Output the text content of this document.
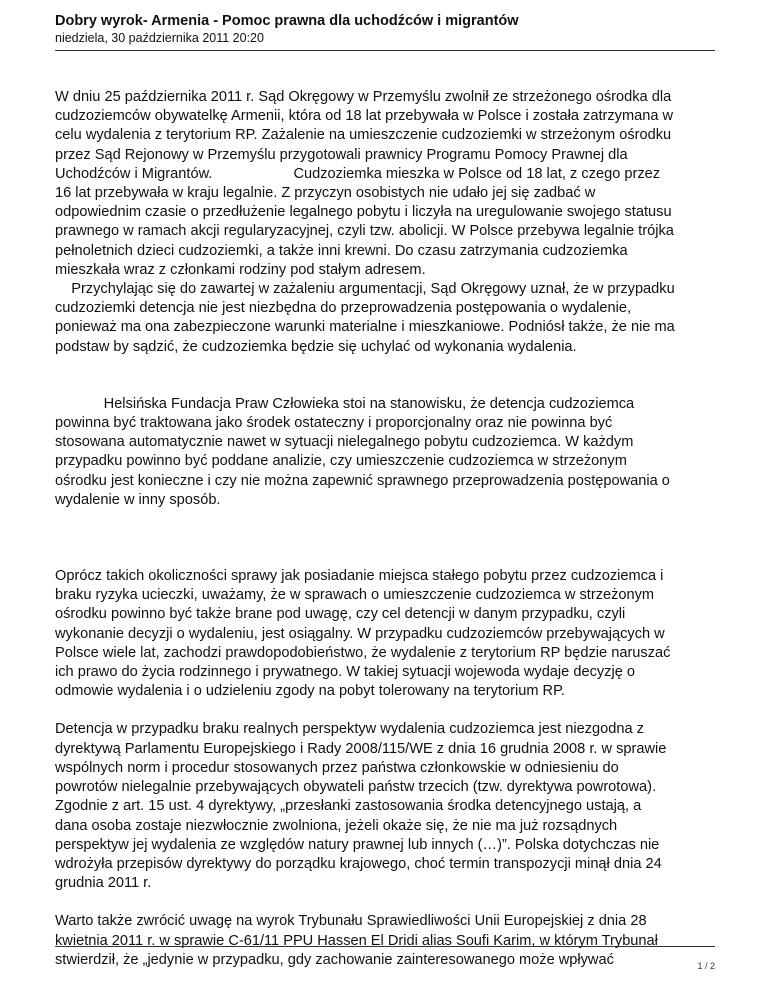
Dobry wyrok- Armenia - Pomoc prawna dla uchodźców i migrantów

niedziela, 30 października 2011 20:20

W dniu 25 października 2011 r. Sąd Okręgowy w Przemyślu zwolnił ze strzeżonego ośrodka dla
cudzoziemców obywatelkę Armenii, która od 18 lat przebywała w Polsce i została zatrzymana w
celu wydalenia z terytorium RP. Zażalenie na umieszczenie cudzoziemki w strzeżonym ośrodku
przez Sąd Rejonowy w Przemyślu przygotowali prawnicy Programu Pomocy Prawnej dla
Uchodźców i Migrantów.                    Cudzoziemka mieszka w Polsce od 18 lat, z czego przez
16 lat przebywała w kraju legalnie. Z przyczyn osobistych nie udało jej się zadbać w
odpowiednim czasie o przedłużenie legalnego pobytu i liczyła na uregulowanie swojego statusu
prawnego w ramach akcji regularyzacyjnej, czyli tzw. abolicji. W Polsce przebywa legalnie trójka
pełnoletnich dzieci cudzoziemki, a także inni krewni. Do czasu zatrzymania cudzoziemka
mieszkała wraz z członkami rodziny pod stałym adresem.
Przychylając się do zawartej w zażaleniu argumentacji, Sąd Okręgowy uznał, że w przypadku
cudzoziemki detencja nie jest niezbędna do przeprowadzenia postępowania o wydalenie,
ponieważ ma ona zabezpieczone warunki materialne i mieszkaniowe. Podniósł także, że nie ma
podstaw by sądzić, że cudzoziemka będzie się uchylać od wykonania wydalenia.

Helsińska Fundacja Praw Człowieka stoi na stanowisku, że detencja cudzoziemca
powinna być traktowana jako środek ostateczny i proporcjonalny oraz nie powinna być
stosowana automatycznie nawet w sytuacji nielegalnego pobytu cudzoziemca. W każdym
przypadku powinno być poddane analizie, czy umieszczenie cudzoziemca w strzeżonym
ośrodku jest konieczne i czy nie można zapewnić sprawnego przeprowadzenia postępowania o
wydalenie w inny sposób.

Oprócz takich okoliczności sprawy jak posiadanie miejsca stałego pobytu przez cudzoziemca i
braku ryzyka ucieczki, uważamy, że w sprawach o umieszczenie cudzoziemca w strzeżonym
ośrodku powinno być także brane pod uwagę, czy cel detencji w danym przypadku, czyli
wykonanie decyzji o wydaleniu, jest osiągalny. W przypadku cudzoziemców przebywających w
Polsce wiele lat, zachodzi prawdopodobieństwo, że wydalenie z terytorium RP będzie naruszać
ich prawo do życia rodzinnego i prywatnego. W takiej sytuacji wojewoda wydaje decyzję o
odmowie wydalenia i o udzieleniu zgody na pobyt tolerowany na terytorium RP.

Detencja w przypadku braku realnych perspektyw wydalenia cudzoziemca jest niezgodna z
dyrektywą Parlamentu Europejskiego i Rady 2008/115/WE z dnia 16 grudnia 2008 r. w sprawie
wspólnych norm i procedur stosowanych przez państwa członkowskie w odniesieniu do
powrotów nielegalnie przebywających obywateli państw trzecich (tzw. dyrektywa powrotowa).
Zgodnie z art. 15 ust. 4 dyrektywy, „przesłanki zastosowania środka detencyjnego ustają, a
dana osoba zostaje niezwłocznie zwolniona, jeżeli okaże się, że nie ma już rozsądnych
perspektyw jej wydalenia ze względów natury prawnej lub innych (…)”. Polska dotychczas nie
wdrożyła przepisów dyrektywy do porządku krajowego, choć termin transpozycji minął dnia 24
grudnia 2011 r.

Warto także zwrócić uwagę na wyrok Trybunału Sprawiedliwości Unii Europejskiej z dnia 28
kwietnia 2011 r. w sprawie C-61/11 PPU Hassen El Dridi alias Soufi Karim, w którym Trybunał
stwierdził, że „jedynie w przypadku, gdy zachowanie zainteresowanego może wpływać	1 / 2
